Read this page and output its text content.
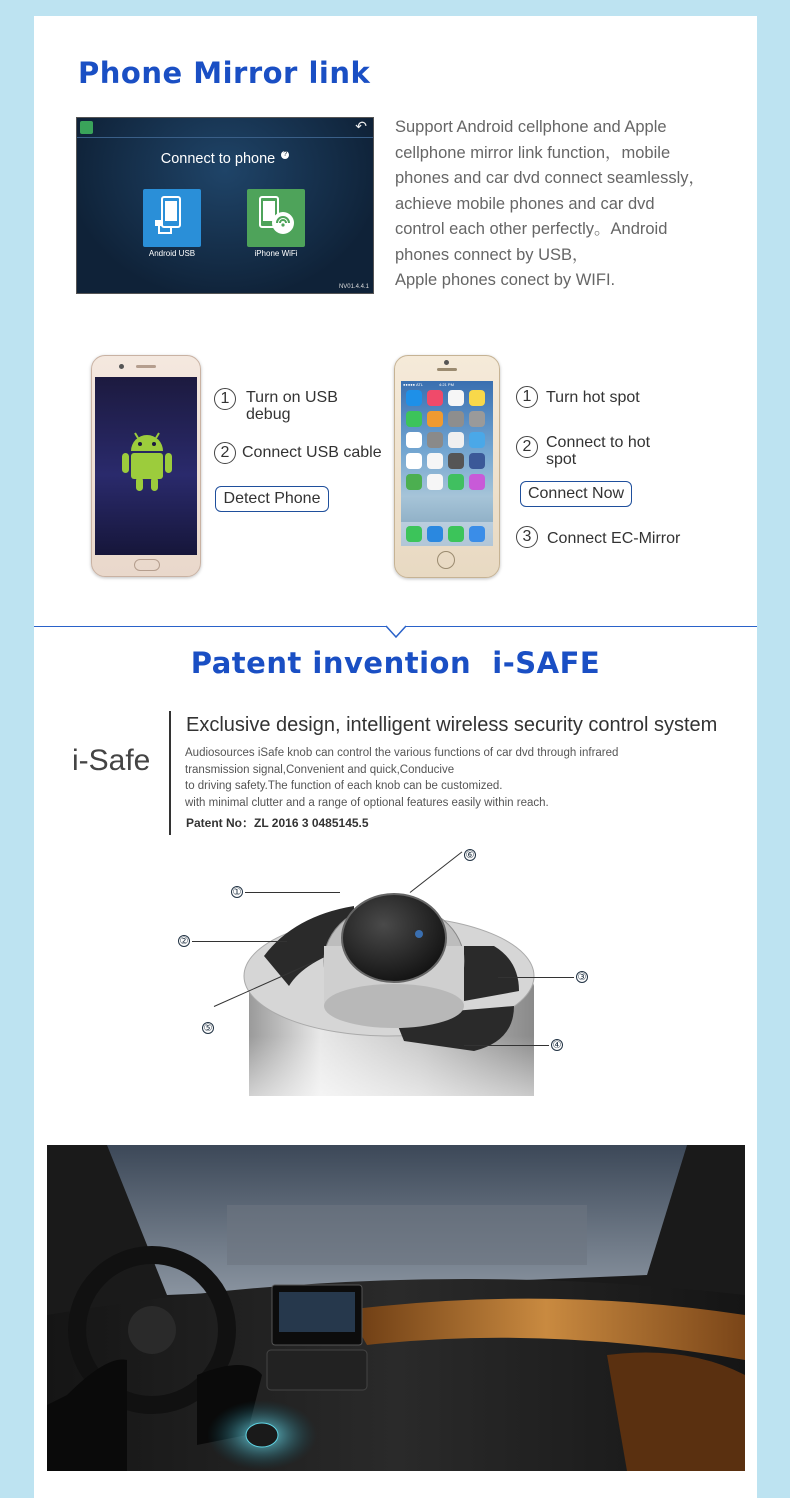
Phone Mirror link
↶
Connect to phone ?
Android USB	iPhone WiFi
NV01.4.4.1
Support Android cellphone and Apple
cellphone mirror link function，mobile
phones and car dvd connect seamlessly，
achieve mobile phones and car dvd
control each other perfectly。Android
phones connect by USB，
Apple phones conect by WIFI.
1	Turn on USB
debug
2 Connect USB cable
Detect Phone
●●●●● ATL	4:21 PM
1 Turn hot spot
2 Connect to hot
spot
Connect Now
3 Connect EC-Mirror
Patent invention  i-SAFE
i-Safe
Exclusive design, intelligent wireless security control system
Audiosources iSafe knob can control the various functions of car dvd through infrared
transmission signal,Convenient and quick,Conducive
to driving safety.The function of each knob can be customized.
with minimal clutter and a range of optional features easily within reach.
Patent No：ZL 2016 3 0485145.5
①
②
③
④
⑤
⑥
